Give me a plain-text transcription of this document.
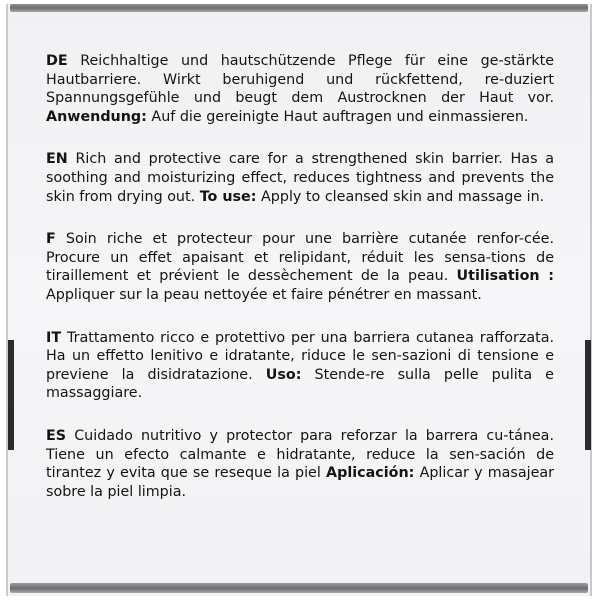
DE Reichhaltige und hautschützende Pflege für eine ge-stärkte Hautbarriere. Wirkt beruhigend und rückfettend, re-duziert Spannungsgefühle und beugt dem Austrocknen der Haut vor. Anwendung: Auf die gereinigte Haut auftragen und einmassieren.

EN Rich and protective care for a strengthened skin barrier. Has a soothing and moisturizing effect, reduces tightness and prevents the skin from drying out. To use: Apply to cleansed skin and massage in.

F Soin riche et protecteur pour une barrière cutanée renfor-cée. Procure un effet apaisant et relipidant, réduit les sensa-tions de tiraillement et prévient le dessèchement de la peau. Utilisation : Appliquer sur la peau nettoyée et faire pénétrer en massant.

IT Trattamento ricco e protettivo per una barriera cutanea rafforzata. Ha un effetto lenitivo e idratante, riduce le sen-sazioni di tensione e previene la disidratazione. Uso: Stende-re sulla pelle pulita e massaggiare.

ES Cuidado nutritivo y protector para reforzar la barrera cu-tánea. Tiene un efecto calmante e hidratante, reduce la sen-sación de tirantez y evita que se reseque la piel Aplicación: Aplicar y masajear sobre la piel limpia.
